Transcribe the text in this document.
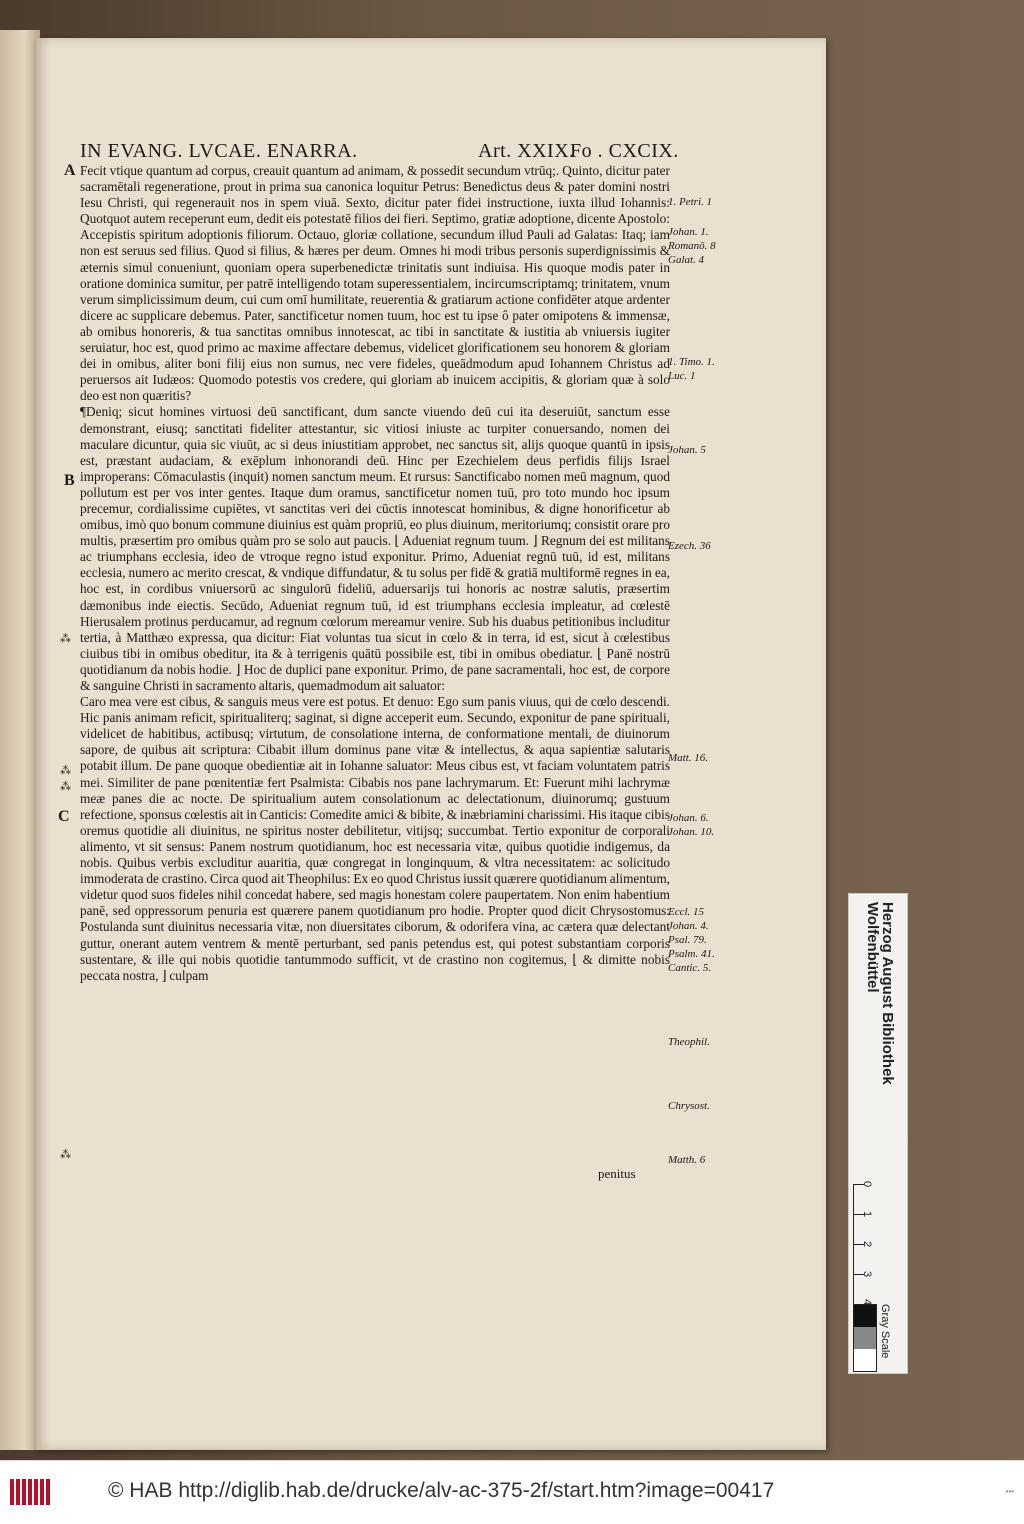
IN EVANG. LVCAE. ENARRA.	Art. XXIX.
Fo . CXCIX.
A
B
C
⁂
⁂
⁂
⁂

Fecit vtique quantum ad corpus, creauit quantum ad animam, & possedit secundum vtrūq;. Quinto, dicitur pater sacramētali regeneratione, prout in prima sua canonica loquitur Petrus: Benedictus deus & pater domini nostri Iesu Christi, qui regenerauit nos in spem viuā. Sexto, dicitur pater fidei instructione, iuxta illud Iohannis: Quotquot autem receperunt eum, dedit eis potestatē filios dei fieri. Septimo, gratiæ adoptione, dicente Apostolo: Accepistis spiritum adoptionis filiorum. Octauo, gloriæ collatione, secundum illud Pauli ad Galatas: Itaq; iam non est seruus sed filius. Quod si filius, & hæres per deum. Omnes hi modi tribus personis superdignissimis & æternis simul conueniunt, quoniam opera superbenedictæ trinitatis sunt indiuisa. His quoque modis pater in oratione dominica sumitur, per patrē intelligendo totam superessentialem, incircumscriptamq; trinitatem, vnum verum simplicissimum deum, cui cum omī humilitate, reuerentia & gratiarum actione confidēter atque ardenter dicere ac supplicare debemus. Pater, sanctificetur nomen tuum, hoc est tu ipse ô pater omipotens & immensæ, ab omibus honoreris, & tua sanctitas omnibus innotescat, ac tibi in sanctitate & iustitia ab vniuersis iugiter seruiatur, hoc est, quod primo ac maxime affectare debemus, videlicet glorificationem seu honorem & gloriam dei in omibus, aliter boni filij eius non sumus, nec vere fideles, queādmodum apud Iohannem Christus ad peruersos ait Iudæos: Quomodo potestis vos credere, qui gloriam ab inuicem accipitis, & gloriam quæ à solo deo est non quæritis?

¶Deniq; sicut homines virtuosi deū sanctificant, dum sancte viuendo deū cui ita deseruiūt, sanctum esse demonstrant, eiusq; sanctitati fideliter attestantur, sic vitiosi iniuste ac turpiter conuersando, nomen dei maculare dicuntur, quia sic viuūt, ac si deus iniustitiam approbet, nec sanctus sit, alijs quoque quantū in ipsis est, præstant audaciam, & exēplum inhonorandi deū. Hinc per Ezechielem deus perfidis filijs Israel improperans: Cōmaculastis (inquit) nomen sanctum meum. Et rursus: Sanctificabo nomen meū magnum, quod pollutum est per vos inter gentes. Itaque dum oramus, sanctificetur nomen tuū, pro toto mundo hoc ipsum precemur, cordialissime cupiētes, vt sanctitas veri dei cūctis innotescat hominibus, & digne honorificetur ab omibus, imò quo bonum commune diuinius est quàm propriū, eo plus diuinum, meritoriumq; consistit orare pro multis, præsertim pro omibus quàm pro se solo aut paucis. ⌊ Adueniat regnum tuum. ⌋ Regnum dei est militans ac triumphans ecclesia, ideo de vtroque regno istud exponitur. Primo, Adueniat regnū tuū, id est, militans ecclesia, numero ac merito crescat, & vndique diffundatur, & tu solus per fidē & gratiā multiformē regnes in ea, hoc est, in cordibus vniuersorū ac singulorū fideliū, aduersarijs tui honoris ac nostræ salutis, præsertim dæmonibus inde eiectis. Secūdo, Adueniat regnum tuū, id est triumphans ecclesia impleatur, ad cœlestē Hierusalem protinus perducamur, ad regnum cœlorum mereamur venire. Sub his duabus petitionibus includitur tertia, à Matthæo expressa, qua dicitur: Fiat voluntas tua sicut in cœlo & in terra, id est, sicut à cœlestibus ciuibus tibi in omibus obeditur, ita & à terrigenis quātū possibile est, tibi in omibus obediatur. ⌊ Panē nostrū quotidianum da nobis hodie. ⌋ Hoc de duplici pane exponitur. Primo, de pane sacramentali, hoc est, de corpore & sanguine Christi in sacramento altaris, quemadmodum ait saluator:

Caro mea vere est cibus, & sanguis meus vere est potus. Et denuo: Ego sum panis viuus, qui de cœlo descendi. Hic panis animam reficit, spiritualiterq; saginat, si digne acceperit eum. Secundo, exponitur de pane spirituali, videlicet de habitibus, actibusq; virtutum, de consolatione interna, de conformatione mentali, de diuinorum sapore, de quibus ait scriptura: Cibabit illum dominus pane vitæ & intellectus, & aqua sapientiæ salutaris potabit illum. De pane quoque obedientiæ ait in Iohanne saluator: Meus cibus est, vt faciam voluntatem patris mei. Similiter de pane pœnitentiæ fert Psalmista: Cibabis nos pane lachrymarum. Et: Fuerunt mihi lachrymæ meæ panes die ac nocte. De spiritualium autem consolationum ac delectationum, diuinorumq; gustuum refectione, sponsus cœlestis ait in Canticis: Comedite amici & bibite, & inæbriamini charissimi. His itaque cibis oremus quotidie ali diuinitus, ne spiritus noster debilitetur, vitijsq; succumbat. Tertio exponitur de corporali alimento, vt sit sensus: Panem nostrum quotidianum, hoc est necessaria vitæ, quibus quotidie indigemus, da nobis. Quibus verbis excluditur auaritia, quæ congregat in longinquum, & vltra necessitatem: ac solicitudo immoderata de crastino. Circa quod ait Theophilus: Ex eo quod Christus iussit quærere quotidianum alimentum, videtur quod suos fideles nihil concedat habere, sed magis honestam colere paupertatem. Non enim habentium panē, sed oppressorum penuria est quærere panem quotidianum pro hodie. Propter quod dicit Chrysostomus: Postulanda sunt diuinitus necessaria vitæ, non diuersitates ciborum, & odorifera vina, ac cætera quæ delectant guttur, onerant autem ventrem & mentē perturbant, sed panis petendus est, qui potest substantiam corporis sustentare, & ille qui nobis quotidie tantummodo sufficit, vt de crastino non cogitemus, ⌊ & dimitte nobis peccata nostra, ⌋ culpam

1. Petri. 1
Johan. 1.
Romanō. 8
Galat. 4
1. Timo. 1.
Luc. 1
Johan. 5
Ezech. 36
Matt. 16.
Johan. 6.
Johan. 10.
Eccl. 15
Johan. 4.
Psal. 79.
Psalm. 41.
Cantic. 5.
Theophil.
Chrysost.
Matth. 6
penitus
Herzog August Bibliothek Wolfenbüttel
0
1
2
3
4
Gray Scale
© HAB http://diglib.hab.de/drucke/alv-ac-375-2f/start.htm?image=00417	•••
